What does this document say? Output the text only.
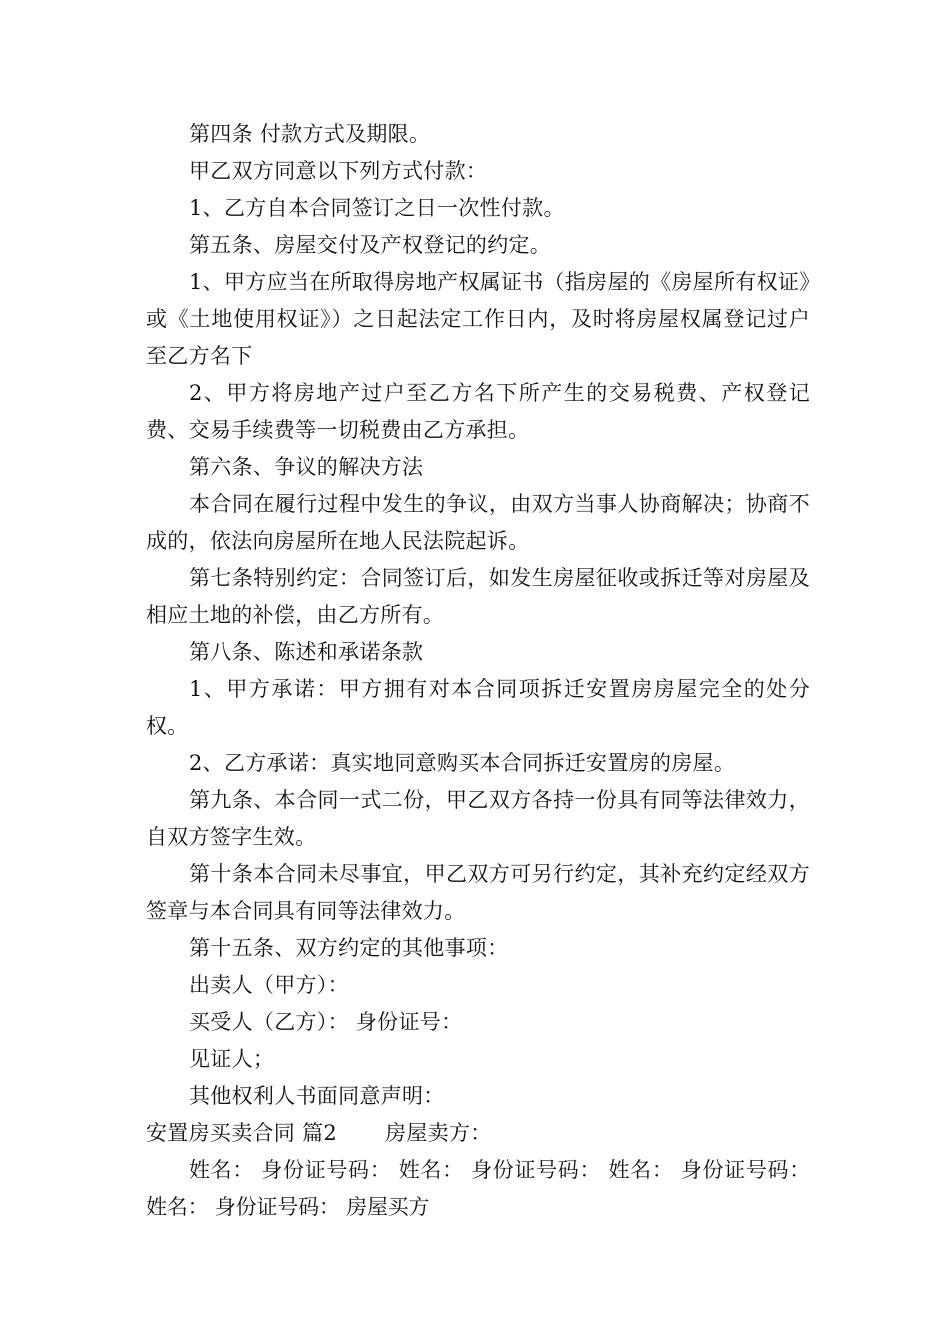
第四条 付款方式及期限。

甲乙双方同意以下列方式付款：

1、乙方自本合同签订之日一次性付款。

第五条、房屋交付及产权登记的约定。

1、甲方应当在所取得房地产权属证书（指房屋的《房屋所有权证》或《土地使用权证》）之日起法定工作日内，及时将房屋权属登记过户至乙方名下

2、甲方将房地产过户至乙方名下所产生的交易税费、产权登记费、交易手续费等一切税费由乙方承担。

第六条、争议的解决方法

本合同在履行过程中发生的争议，由双方当事人协商解决；协商不成的，依法向房屋所在地人民法院起诉。

第七条特别约定：合同签订后，如发生房屋征收或拆迁等对房屋及相应土地的补偿，由乙方所有。

第八条、陈述和承诺条款

1、甲方承诺：甲方拥有对本合同项拆迁安置房房屋完全的处分权。

2、乙方承诺：真实地同意购买本合同拆迁安置房的房屋。

第九条、本合同一式二份，甲乙双方各持一份具有同等法律效力，自双方签字生效。

第十条本合同未尽事宜，甲乙双方可另行约定，其补充约定经双方签章与本合同具有同等法律效力。

第十五条、双方约定的其他事项：

出卖人（甲方）：

买受人（乙方）： 身份证号：

见证人；

其他权利人书面同意声明：

安置房买卖合同 篇2 房屋卖方：

姓名： 身份证号码： 姓名： 身份证号码： 姓名： 身份证号码： 姓名： 身份证号码： 房屋买方
